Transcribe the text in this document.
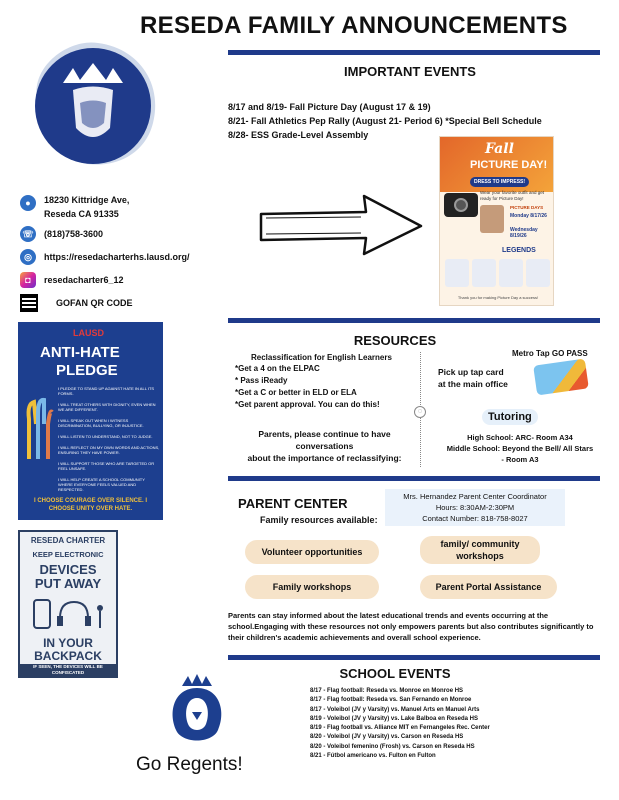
RESEDA FAMILY ANNOUNCEMENTS
●	18230 Kittridge Ave,
Reseda CA 91335
☏ (818)758-3600
◎	https://resedacharterhs.lausd.org/
◘	resedacharter6_12
GOFAN QR CODE
IMPORTANT EVENTS
8/17 and 8/19- Fall Picture Day (August 17 & 19)
8/21- Fall Athletics Pep Rally (August 21- Period 6) *Special Bell Schedule
8/28- ESS Grade-Level Assembly
Fall
PICTURE DAY!
DRESS TO IMPRESS!
Wear your favorite outfit and get ready for Picture Day!
PICTURE DAYS
Monday 8/17/26
Wednesday 8/19/26
LEGENDS
Thank you for making Picture Day a success!
LAUSD
ANTI-HATE
PLEDGE
I PLEDGE TO STAND UP AGAINST HATE IN ALL ITS FORMS.
I WILL TREAT OTHERS WITH DIGNITY, EVEN WHEN WE ARE DIFFERENT.
I WILL SPEAK OUT WHEN I WITNESS DISCRIMINATION, BULLYING, OR INJUSTICE.
I WILL LISTEN TO UNDERSTAND, NOT TO JUDGE.
I WILL REFLECT ON MY OWN WORDS AND ACTIONS, ENSURING THEY HAVE POWER.
I WILL SUPPORT THOSE WHO ARE TARGETED OR FEEL UNSAFE.
I WILL HELP CREATE A SCHOOL COMMUNITY WHERE EVERYONE FEELS VALUED AND RESPECTED.
I CHOOSE COURAGE OVER SILENCE. I CHOOSE UNITY OVER HATE.
RESEDA CHARTER
KEEP ELECTRONIC
DEVICES
PUT AWAY
IN YOUR
BACKPACK
IF SEEN, THE DEVICES WILL BE CONFISCATED
RESOURCES
Reclassification for English Learners
*Get a 4 on the ELPAC
* Pass iReady
*Get a C or better in ELD or ELA
*Get parent approval. You can do this!
Parents, please continue to have
conversations
about the importance of reclassifying:
◌
Metro Tap GO PASS
Pick up tap card
at the main office
Tutoring
High School: ARC- Room A34
Middle School: Beyond the Bell/ All Stars
- Room A3
PARENT CENTER
Family resources available:
Mrs. Hernandez Parent Center Coordinator
Hours: 8:30AM-2:30PM
Contact Number: 818-758-8027
Volunteer opportunities
family/ community workshops
Family workshops	Parent Portal Assistance
Parents can stay informed about the latest educational trends and events occurring at the school.Engaging with these resources not only empowers parents but also contributes significantly to their children's academic achievements and overall school experience.
SCHOOL EVENTS
8/17 - Flag football: Reseda vs. Monroe en Monroe HS
8/17 - Flag football: Reseda vs. San Fernando en Monroe
8/17 - Voleibol (JV y Varsity) vs. Manuel Arts en Manuel Arts
8/19 - Voleibol (JV y Varsity) vs. Lake Balboa en Reseda HS
8/19 - Flag football vs. Alliance MIT en Fernangeles Rec. Center
8/20 - Voleibol (JV y Varsity) vs. Carson en Reseda HS
8/20 - Voleibol femenino (Frosh) vs. Carson en Reseda HS
8/21 - Fútbol americano vs. Fulton en Fulton
Go Regents!
